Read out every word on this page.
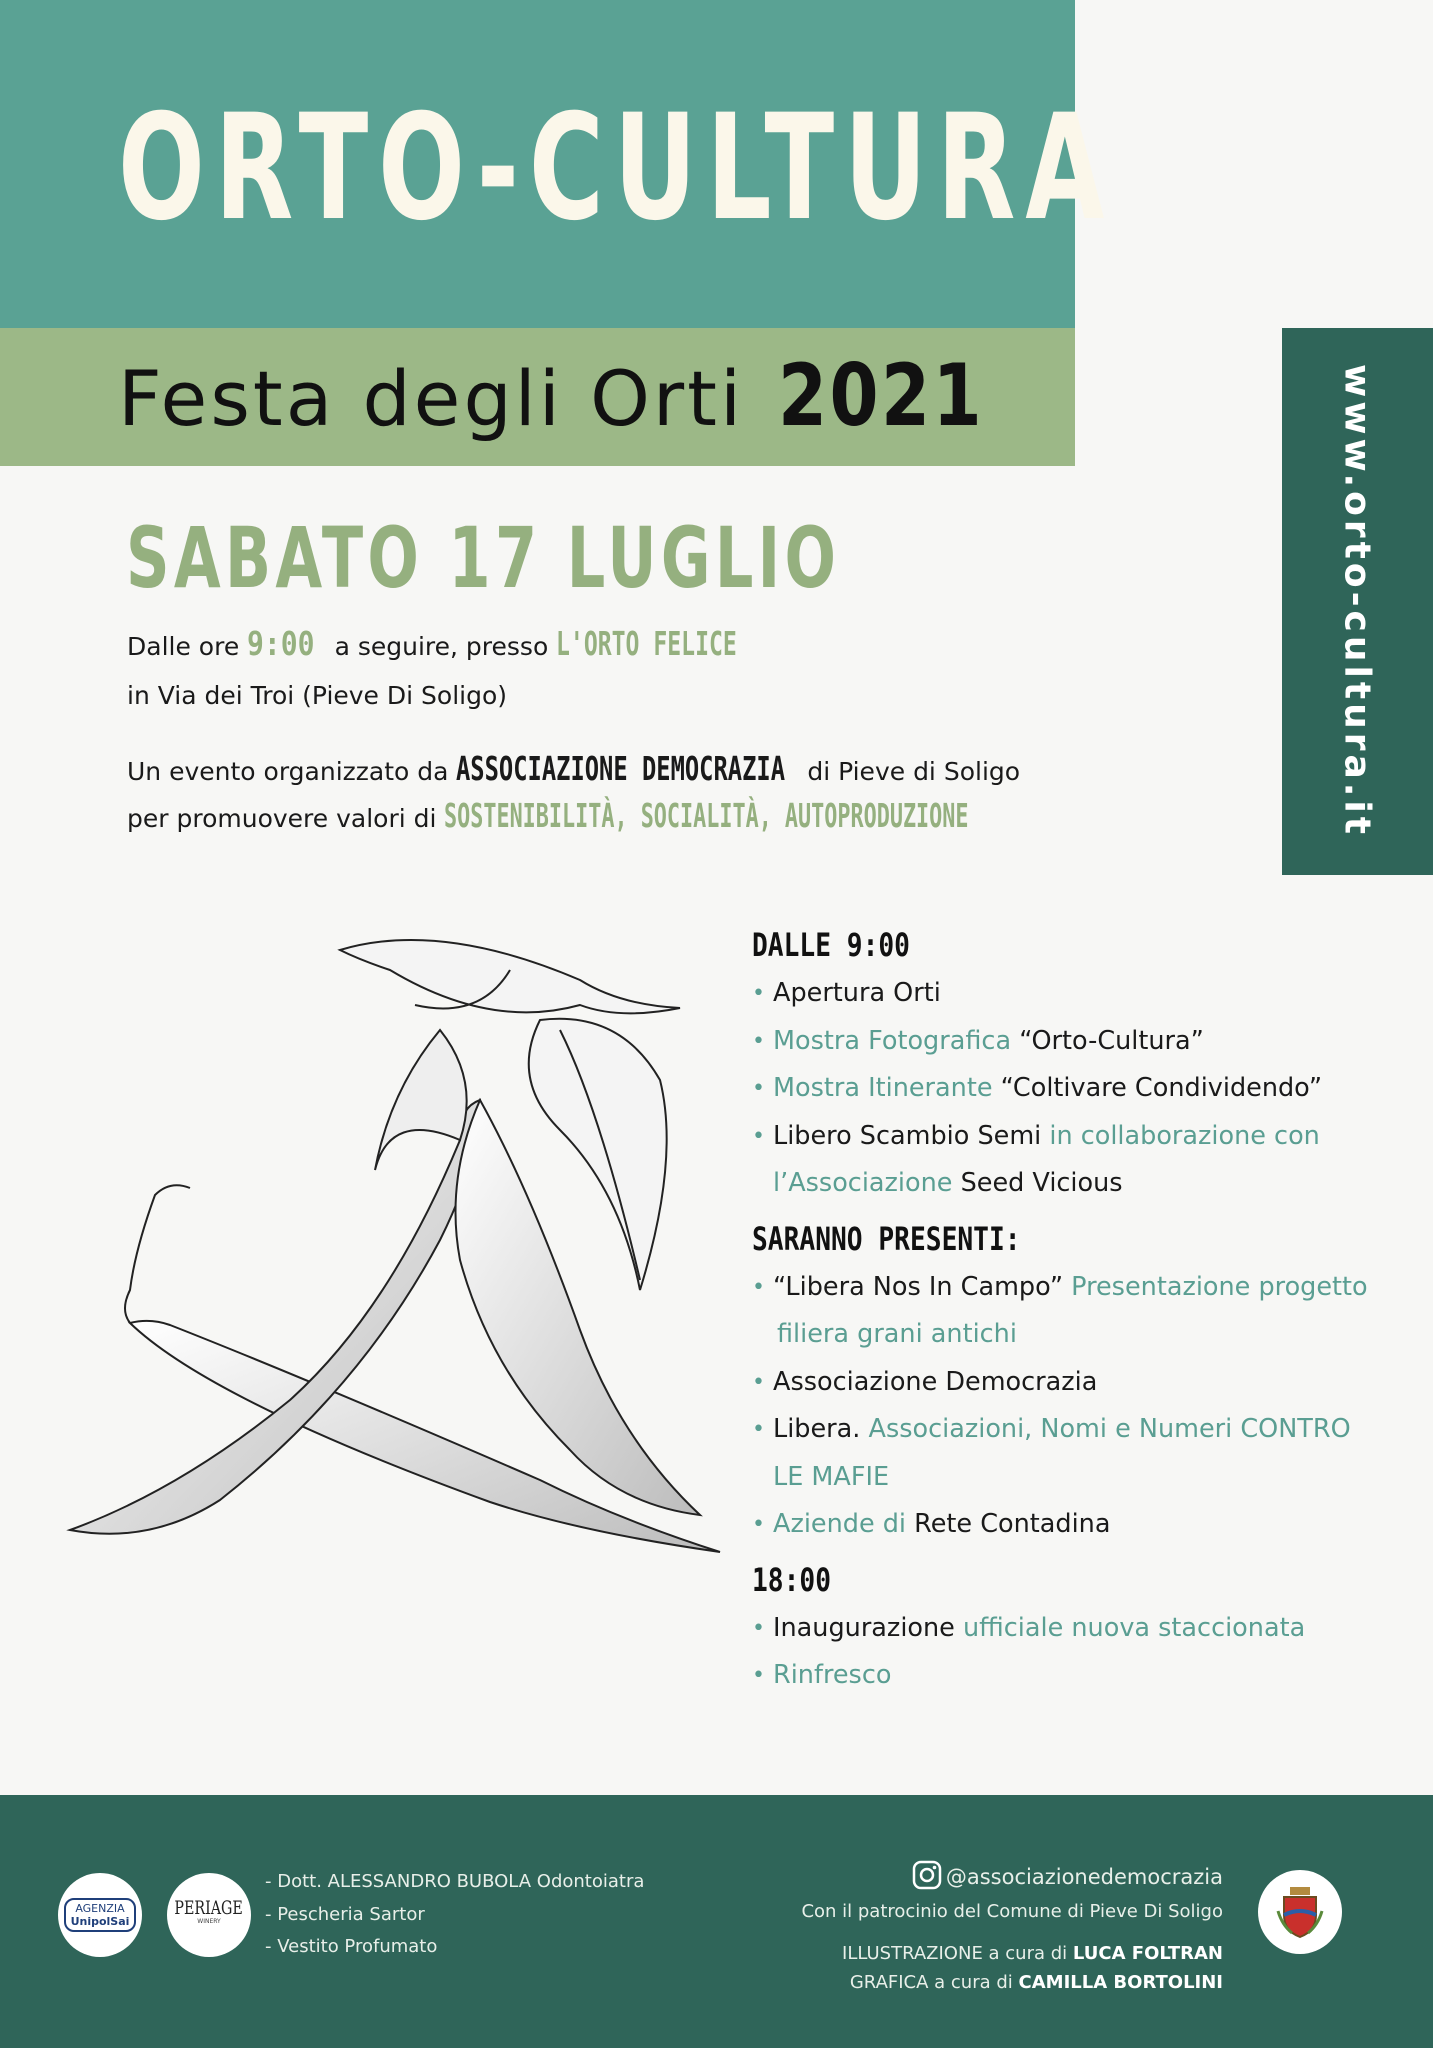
ORTO-CULTURA
Festa degli Orti 2021	www.orto-cultura.it
SABATO 17 LUGLIO
Dalle ore 9:00 a seguire, presso L'ORTO FELICE
in Via dei Troi (Pieve Di Soligo)
Un evento organizzato da ASSOCIAZIONE DEMOCRAZIA di Pieve di Soligo
per promuovere valori di SOSTENIBILITÀ, SOCIALITÀ, AUTOPRODUZIONE
DALLE 9:00
• Apertura Orti
• Mostra Fotografica “Orto-Cultura”
• Mostra Itinerante “Coltivare Condividendo”
• Libero Scambio Semi in collaborazione con
l’Associazione Seed Vicious
SARANNO PRESENTI:
• “Libera Nos In Campo” Presentazione progetto
filiera grani antichi
• Associazione Democrazia
• Libera. Associazioni, Nomi e Numeri CONTRO
LE MAFIE
• Aziende di Rete Contadina
18:00
• Inaugurazione ufficiale nuova staccionata
• Rinfresco
AGENZIA
UnipolSai
PERIAGE
WINERY
- Dott. ALESSANDRO BUBOLA Odontoiatra
- Pescheria Sartor
- Vestito Profumato
@associazionedemocrazia
Con il patrocinio del Comune di Pieve Di Soligo
ILLUSTRAZIONE a cura di LUCA FOLTRAN
GRAFICA a cura di CAMILLA BORTOLINI
